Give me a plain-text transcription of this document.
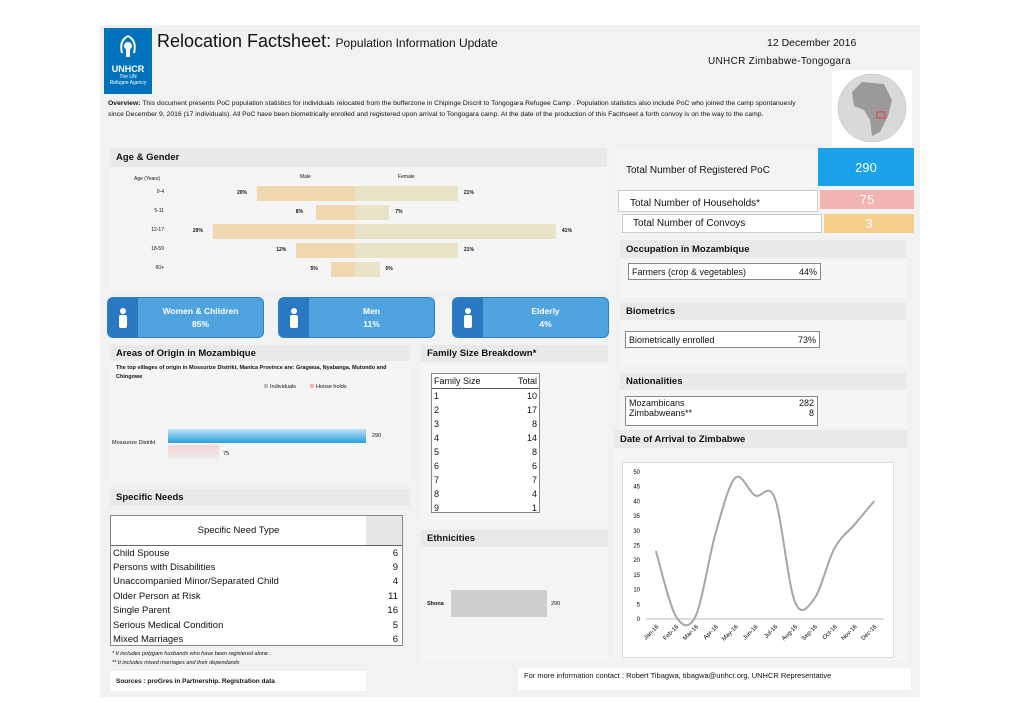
UNHCR
The UN
Refugee Agency
Relocation Factsheet: Population Information Update	12 December 2016
UNHCR Zimbabwe-Tongogara
Overview: This document presents PoC population statistics for individuals relocated from the bufferzone in Chipinge Discrit to Tongogara Refugee Camp . Population statistics also include PoC who joined the camp spontanuesly since December 9, 2016 (17 individuals). All PoC have been biometrically enrolled and registered upon arrival to Tongogara camp. At the date of the production of this Facthseet a forth convoy is on the way to the camp.
Age & Gender
Age (Years)	Male	Female
0-4	20%	21%
5-11	8%	7%
12-17	29%	41%
18-59	12%	21%
60+	5%	5%
Women & Children
85%
Men
11%
Elderly
4%
Total Number of Registered PoC	290
Total Number of Households*	75
Total Number of Convoys	3
Occupation in Mozambique
Farmers (crop & vegetables)	44%
Biometrics
Biometrically enrolled	73%
Nationalities
Mozambicans	282
Zimbabweans**	8
Date of Arrival to Zimbabwe
0
5
10
15
20
25
30
35
40
45
50
Jan-16 Feb-16 Mar-16 Apr-16 May-16 Jun-16 Jul-16 Aug-16 Sep-16 Oct-16 Nov-16 Dec-16
Areas of Origin in Mozambique
The top villages of origin in Mossurize Distrikt, Manica Province are: Gragwua, Nyabanga, Mutondo and Chingowe
Individuals	House holds
Mossurize Distrikt
290
75
Family Size Breakdown*
Family Size	Total
1	10
2	17
3	8
4	14
5	8
6	6
7	7
8	4
9	1
Ethnicities
Shona	290
Specific Needs
Specific Need Type
Child Spouse	6
Persons with Disabilities	9
Unaccompanied Minor/Separated Child	4
Older Person at Risk	11
Single Parent	16
Serious Medical Condition	5
Mixed Marriages	6
* It includes polygam husbands who have been registered alone .
** It includes mixed marriages and their dependands
Sources : proGres in Partnership. Registration data
For more information contact : Robert Tibagwa, tibagwa@unhcr.org, UNHCR Representative
